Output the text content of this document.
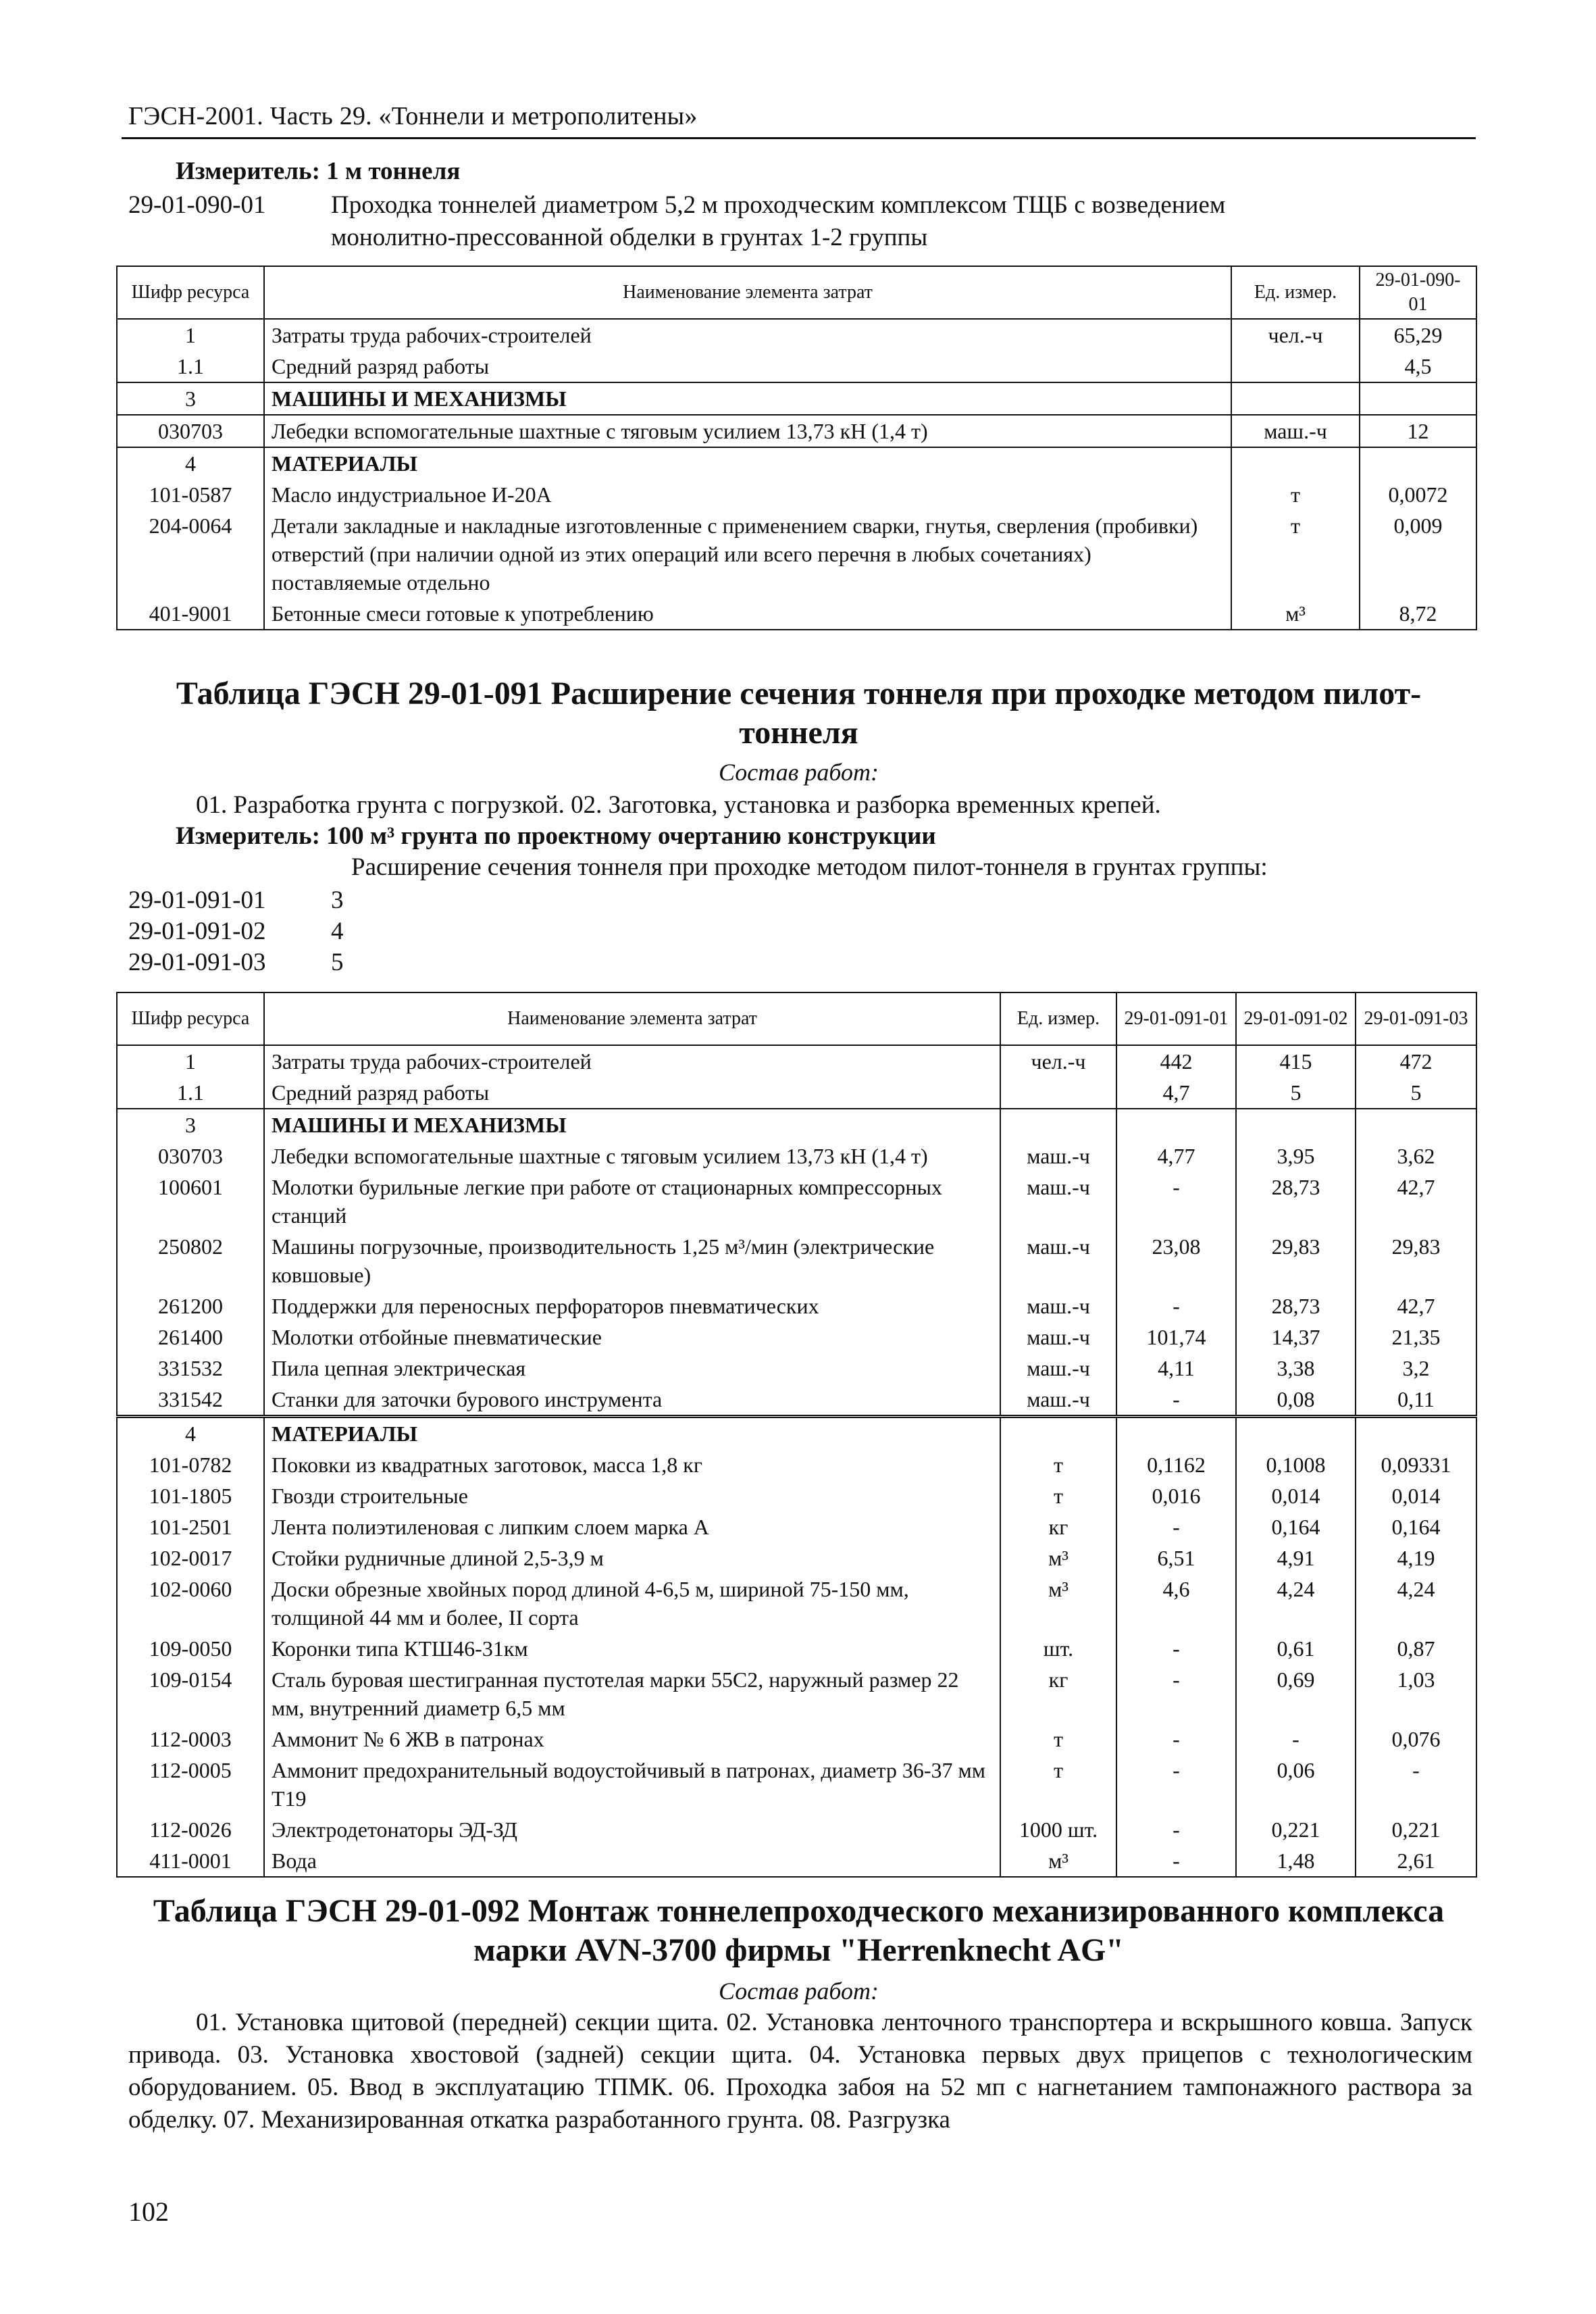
ГЭСН-2001. Часть 29. «Тоннели и метрополитены»
Измеритель: 1 м тоннеля
29-01-090-01	Проходка тоннелей диаметром 5,2 м проходческим комплексом ТЩБ с возведением
монолитно-прессованной обделки в грунтах 1-2 группы
Шифр ресурса	Наименование элемента затрат	Ед. измер.	29-01-090-01
1	Затраты труда рабочих-строителей	чел.-ч	65,29
1.1	Средний разряд работы		4,5
3	МАШИНЫ И МЕХАНИЗМЫ		
030703	Лебедки вспомогательные шахтные с тяговым усилием 13,73 кН (1,4 т)	маш.-ч	12
4	МАТЕРИАЛЫ		
101-0587	Масло индустриальное И-20А	т	0,0072
204-0064	Детали закладные и накладные изготовленные с применением сварки, гнутья, сверления (пробивки) отверстий (при наличии одной из этих операций или всего перечня в любых сочетаниях) поставляемые отдельно	т	0,009
401-9001	Бетонные смеси готовые к употреблению	м³	8,72
Таблица ГЭСН 29-01-091 Расширение сечения тоннеля при проходке методом пилот-
тоннеля
Состав работ:
01. Разработка грунта с погрузкой. 02. Заготовка, установка и разборка временных крепей.
Измеритель: 100 м³ грунта по проектному очертанию конструкции
Расширение сечения тоннеля при проходке методом пилот-тоннеля в грунтах группы:
29-01-091-01	3
29-01-091-02	4
29-01-091-03	5
Шифр ресурса	Наименование элемента затрат	Ед. измер.	29-01-091-01	29-01-091-02	29-01-091-03
1	Затраты труда рабочих-строителей	чел.-ч	442	415	472
1.1	Средний разряд работы		4,7	5	5
3	МАШИНЫ И МЕХАНИЗМЫ				
030703	Лебедки вспомогательные шахтные с тяговым усилием 13,73 кН (1,4 т)	маш.-ч	4,77	3,95	3,62
100601	Молотки бурильные легкие при работе от стационарных компрессорных станций	маш.-ч	-	28,73	42,7
250802	Машины погрузочные, производительность 1,25 м³/мин (электрические ковшовые)	маш.-ч	23,08	29,83	29,83
261200	Поддержки для переносных перфораторов пневматических	маш.-ч	-	28,73	42,7
261400	Молотки отбойные пневматические	маш.-ч	101,74	14,37	21,35
331532	Пила цепная электрическая	маш.-ч	4,11	3,38	3,2
331542	Станки для заточки бурового инструмента	маш.-ч	-	0,08	0,11
4	МАТЕРИАЛЫ				
101-0782	Поковки из квадратных заготовок, масса 1,8 кг	т	0,1162	0,1008	0,09331
101-1805	Гвозди строительные	т	0,016	0,014	0,014
101-2501	Лента полиэтиленовая с липким слоем марка А	кг	-	0,164	0,164
102-0017	Стойки рудничные длиной 2,5-3,9 м	м³	6,51	4,91	4,19
102-0060	Доски обрезные хвойных пород длиной 4-6,5 м, шириной 75-150 мм, толщиной 44 мм и более, II сорта	м³	4,6	4,24	4,24
109-0050	Коронки типа КТШ46-31км	шт.	-	0,61	0,87
109-0154	Сталь буровая шестигранная пустотелая марки 55С2, наружный размер 22 мм, внутренний диаметр 6,5 мм	кг	-	0,69	1,03
112-0003	Аммонит № 6 ЖВ в патронах	т	-	-	0,076
112-0005	Аммонит предохранительный водоустойчивый в патронах, диаметр 36-37 мм Т19	т	-	0,06	-
112-0026	Электродетонаторы ЭД-ЗД	1000 шт.	-	0,221	0,221
411-0001	Вода	м³	-	1,48	2,61
Таблица ГЭСН 29-01-092 Монтаж тоннелепроходческого механизированного комплекса
марки AVN-3700 фирмы "Herrenknecht AG"
Состав работ:
01. Установка щитовой (передней) секции щита. 02. Установка ленточного транспортера и вскрышного ковша. Запуск привода. 03. Установка хвостовой (задней) секции щита. 04. Установка первых двух прицепов с технологическим оборудованием. 05. Ввод в эксплуатацию ТПМК. 06. Проходка забоя на 52 мп с нагнетанием тампонажного раствора за обделку. 07. Механизированная откатка разработанного грунта. 08. Разгрузка
102
